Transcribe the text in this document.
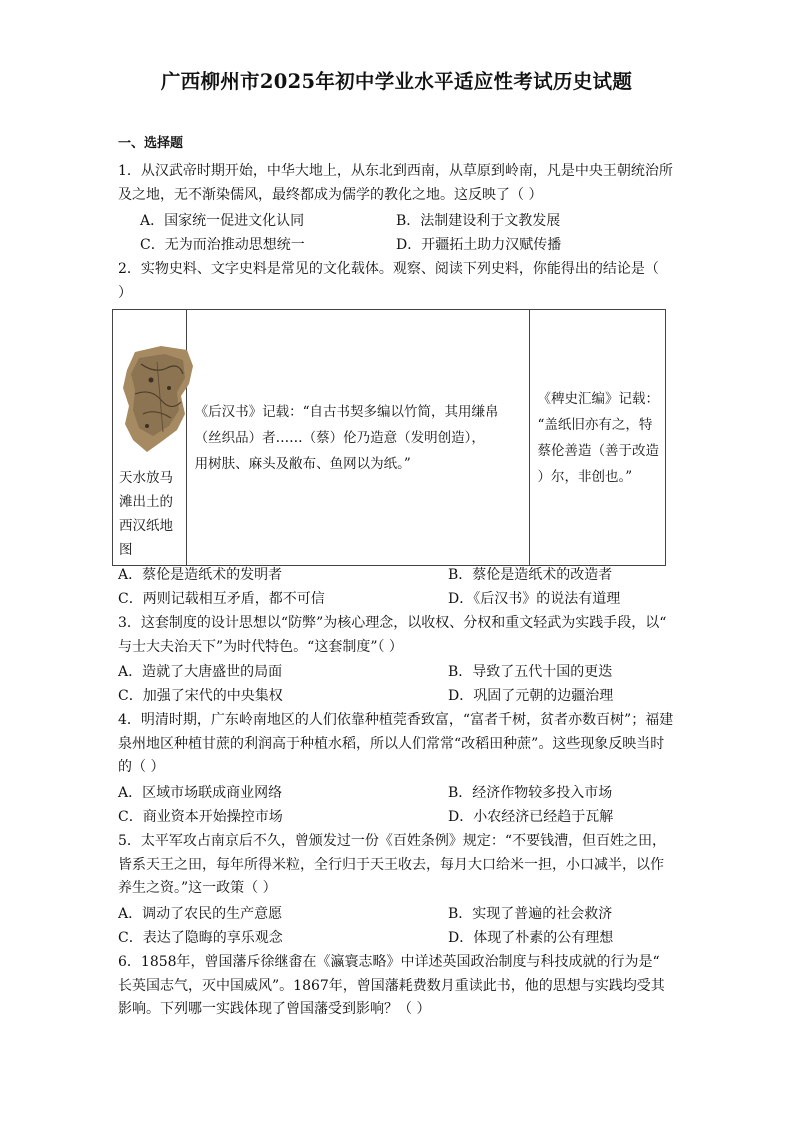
广西柳州市2025年初中学业水平适应性考试历史试题
一、选择题
1．从汉武帝时期开始，中华大地上，从东北到西南，从草原到岭南，凡是中央王朝统治所
及之地，无不渐染儒风，最终都成为儒学的教化之地。这反映了（ ）
A．国家统一促进文化认同	B．法制建设利于文教发展
C．无为而治推动思想统一	D．开疆拓土助力汉赋传播
2．实物史料、文字史料是常见的文化载体。观察、阅读下列史料，你能得出的结论是（
）
天水放马
滩出土的
西汉纸地
图

《后汉书》记载：“自古书契多编以竹简，其用缣帛
（丝织品）者……（蔡）伦乃造意（发明创造），
用树肤、麻头及敝布、鱼网以为纸。”

《稗史汇编》记载：
“盖纸旧亦有之，特
蔡伦善造（善于改造
）尔，非创也。”
A．蔡伦是造纸术的发明者	B．蔡伦是造纸术的改造者
C．两则记载相互矛盾，都不可信	D．《后汉书》的说法有道理
3．这套制度的设计思想以“防弊”为核心理念，以收权、分权和重文轻武为实践手段，以“
与士大夫治天下”为时代特色。“这套制度”（ ）
A．造就了大唐盛世的局面	B．导致了五代十国的更迭
C．加强了宋代的中央集权	D．巩固了元朝的边疆治理
4．明清时期，广东岭南地区的人们依靠种植莞香致富，“富者千树，贫者亦数百树”；福建
泉州地区种植甘蔗的利润高于种植水稻，所以人们常常“改稻田种蔗”。这些现象反映当时
的（ ）
A．区域市场联成商业网络	B．经济作物较多投入市场
C．商业资本开始操控市场	D．小农经济已经趋于瓦解
5．太平军攻占南京后不久，曾颁发过一份《百姓条例》规定：“不要钱漕，但百姓之田，
皆系天王之田，每年所得米粒，全行归于天王收去，每月大口给米一担，小口减半，以作
养生之资。”这一政策（ ）
A．调动了农民的生产意愿	B．实现了普遍的社会救济
C．表达了隐晦的享乐观念	D．体现了朴素的公有理想
6．1858年，曾国藩斥徐继畬在《瀛寰志略》中详述英国政治制度与科技成就的行为是“
长英国志气，灭中国威风”。1867年，曾国藩耗费数月重读此书，他的思想与实践均受其
影响。下列哪一实践体现了曾国藩受到影响？（ ）
